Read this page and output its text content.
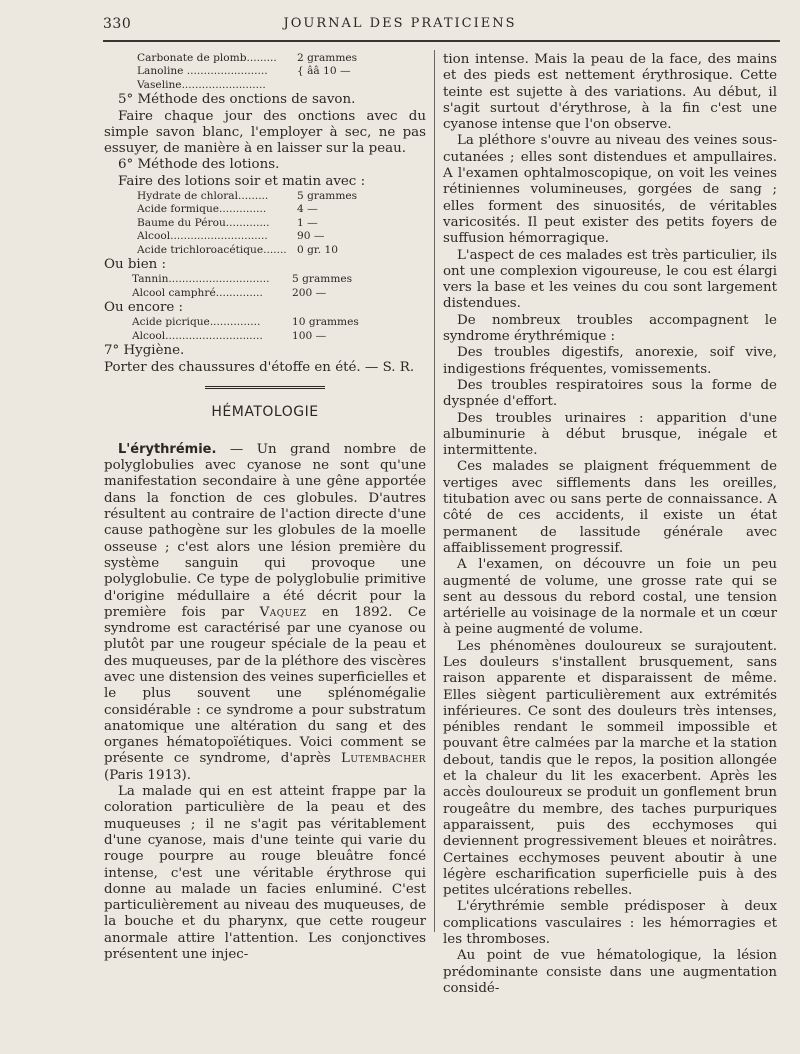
330	JOURNAL DES PRATICIENS
Carbonate de plomb.........	2 grammes
Lanoline ........................	{ ââ 10 —
Vaseline.........................

5° Méthode des onctions de savon.

Faire chaque jour des onctions avec du simple savon blanc, l'employer à sec, ne pas essuyer, de manière à en laisser sur la peau.

6° Méthode des lotions.

Faire des lotions soir et matin avec :

Hydrate de chloral.........	5 grammes
Acide formique..............	4 —
Baume du Pérou.............	1 —
Alcool.............................	90 —
Acide trichloroacétique....... 0 gr. 10

Ou bien :

Tannin..............................	5 grammes
Alcool camphré..............	200 —

Ou encore :

Acide picrique...............	10 grammes
Alcool.............................	100 —

7° Hygiène.

Porter des chaussures d'étoffe en été. — S. R.

HÉMATOLOGIE

L'érythrémie. — Un grand nombre de polyglobulies avec cyanose ne sont qu'une manifestation secondaire à une gêne apportée dans la fonction de ces globules. D'autres résultent au contraire de l'action directe d'une cause pathogène sur les globules de la moelle osseuse ; c'est alors une lésion première du système sanguin qui provoque une polyglobulie. Ce type de polyglobulie primitive d'origine médullaire a été décrit pour la première fois par Vaquez en 1892. Ce syndrome est caractérisé par une cyanose ou plutôt par une rougeur spéciale de la peau et des muqueuses, par de la pléthore des viscères avec une distension des veines superficielles et le plus souvent une splénomégalie considérable : ce syndrome a pour substratum anatomique une altération du sang et des organes hématopoïétiques. Voici comment se présente ce syndrome, d'après Lutembacher (Paris 1913).

La malade qui en est atteint frappe par la coloration particulière de la peau et des muqueuses ; il ne s'agit pas véritablement d'une cyanose, mais d'une teinte qui varie du rouge pourpre au rouge bleuâtre foncé intense, c'est une véritable érythrose qui donne au malade un facies enluminé. C'est particulièrement au niveau des muqueuses, de la bouche et du pharynx, que cette rougeur anormale attire l'attention. Les conjonctives présentent une injec-

tion intense. Mais la peau de la face, des mains et des pieds est nettement érythrosique. Cette teinte est sujette à des variations. Au début, il s'agit surtout d'érythrose, à la fin c'est une cyanose intense que l'on observe.

La pléthore s'ouvre au niveau des veines sous-cutanées ; elles sont distendues et ampullaires. A l'examen ophtalmoscopique, on voit les veines rétiniennes volumineuses, gorgées de sang ; elles forment des sinuosités, de véritables varicosités. Il peut exister des petits foyers de suffusion hémorragique.

L'aspect de ces malades est très particulier, ils ont une complexion vigoureuse, le cou est élargi vers la base et les veines du cou sont largement distendues.

De nombreux troubles accompagnent le syndrome érythrémique :

Des troubles digestifs, anorexie, soif vive, indigestions fréquentes, vomissements.

Des troubles respiratoires sous la forme de dyspnée d'effort.

Des troubles urinaires : apparition d'une albuminurie à début brusque, inégale et intermittente.

Ces malades se plaignent fréquemment de vertiges avec sifflements dans les oreilles, titubation avec ou sans perte de connaissance. A côté de ces accidents, il existe un état permanent de lassitude générale avec affaiblissement progressif.

A l'examen, on découvre un foie un peu augmenté de volume, une grosse rate qui se sent au dessous du rebord costal, une tension artérielle au voisinage de la normale et un cœur à peine augmenté de volume.

Les phénomènes douloureux se surajoutent. Les douleurs s'installent brusquement, sans raison apparente et disparaissent de même. Elles siègent particulièrement aux extrémités inférieures. Ce sont des douleurs très intenses, pénibles rendant le sommeil impossible et pouvant être calmées par la marche et la station debout, tandis que le repos, la position allongée et la chaleur du lit les exacerbent. Après les accès douloureux se produit un gonflement brun rougeâtre du membre, des taches purpuriques apparaissent, puis des ecchymoses qui deviennent progressivement bleues et noirâtres. Certaines ecchymoses peuvent aboutir à une légère escharification superficielle puis à des petites ulcérations rebelles.

L'érythrémie semble prédisposer à deux complications vasculaires : les hémorragies et les thromboses.

Au point de vue hématologique, la lésion prédominante consiste dans une augmentation considé-
